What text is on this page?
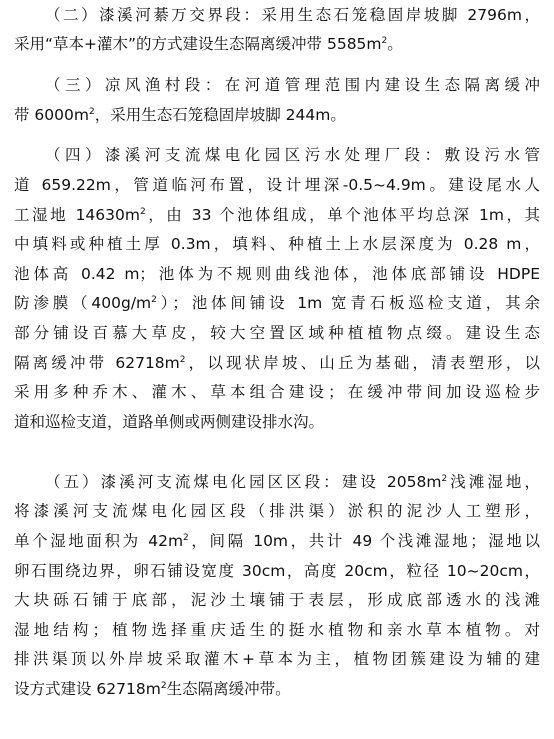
（二）漆溪河綦万交界段：采用生态石笼稳固岸坡脚 2796m，
采用“草本+灌木”的方式建设生态隔离缓冲带 $5585m^2$。
（三）凉风渔村段：在河道管理范围内建设生态隔离缓冲
带 $6000m^2$，采用生态石笼稳固岸坡脚 244m。
（四）漆溪河支流煤电化园区污水处理厂段：敷设污水管
道 659.22m，管道临河布置，设计埋深-0.5~4.9m。建设尾水人
工湿地 $14630m^2$，由 33 个池体组成，单个池体平均总深 1m，其
中填料或种植土厚 0.3m，填料、种植土上水层深度为 0.28 m，
池体高 0.42 m；池体为不规则曲线池体，池体底部铺设 HDPE
防渗膜$(400g/m^2)$；池体间铺设 1m 宽青石板巡检支道，其余
部分铺设百慕大草皮，较大空置区域种植植物点缀。建设生态
隔离缓冲带 $62718m^2$，以现状岸坡、山丘为基础，清表塑形，以
采用多种乔木、灌木、草本组合建设；在缓冲带间加设巡检步
道和巡检支道，道路单侧或两侧建设排水沟。
（五）漆溪河支流煤电化园区区段：建设 $2058m^2$浅滩湿地，
将漆溪河支流煤电化园区段（排洪渠）淤积的泥沙人工塑形，
单个湿地面积为 $42m^2$，间隔 10m，共计 49 个浅滩湿地；湿地以
卵石围绕边界，卵石铺设宽度 30cm，高度 20cm，粒径 10~20cm，
大块砾石铺于底部，泥沙土壤铺于表层，形成底部透水的浅滩
湿地结构；植物选择重庆适生的挺水植物和亲水草本植物。对
排洪渠顶以外岸坡采取灌木+草本为主，植物团簇建设为辅的建
设方式建设 $62718m^2$生态隔离缓冲带。
